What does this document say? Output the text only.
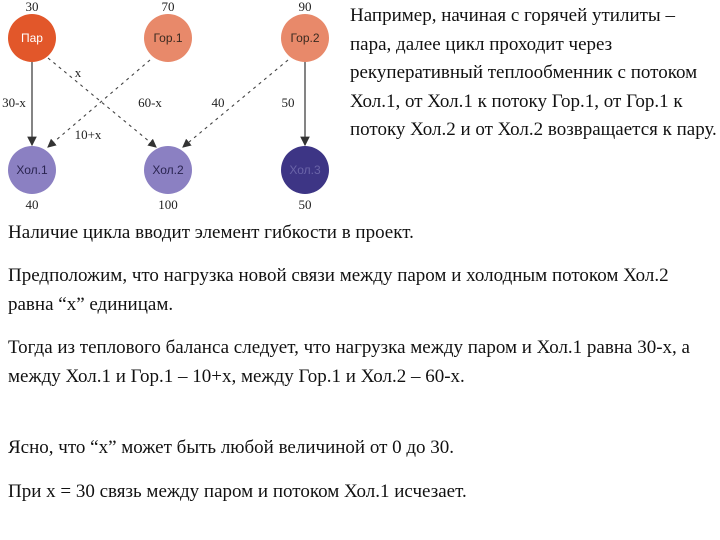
Пар	Гор.1	Гор.2
Хол.1	Хол.2	Хол.3
30	70	90
40	100	50
x
30-x	60-x	40	50
10+x

Например, начиная с горячей утилиты – пара, далее цикл проходит через рекуперативный теплообменник с потоком Хол.1, от Хол.1 к потоку Гор.1, от Гор.1 к потоку Хол.2 и от Хол.2 возвращается к пару.

Наличие цикла вводит элемент гибкости в проект.

Предположим, что нагрузка новой связи между паром и холодным потоком Хол.2 равна “х” единицам.

Тогда из теплового баланса следует, что нагрузка между паром и Хол.1 равна 30-х, а между Хол.1 и Гор.1 – 10+х, между Гор.1 и Хол.2 – 60-х.

Ясно, что “х” может быть любой величиной от 0 до 30.

При х = 30 связь между паром и потоком Хол.1 исчезает.
